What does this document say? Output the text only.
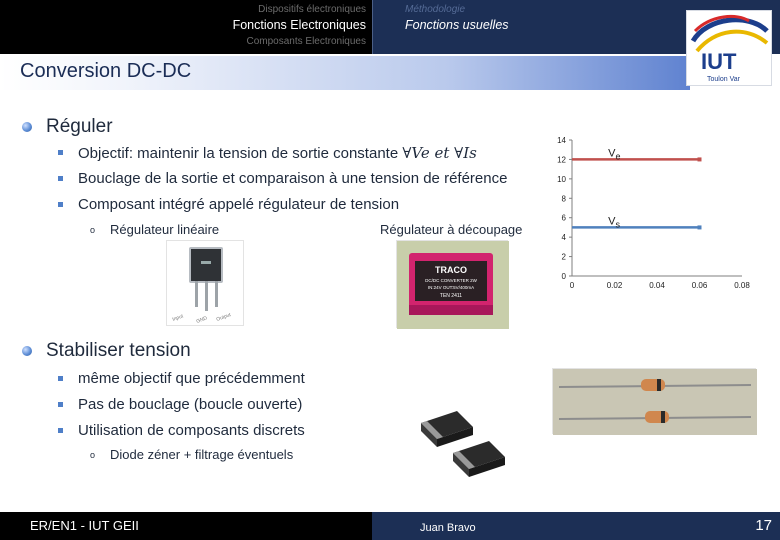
Dispositifs électroniques
Fonctions Electroniques
Composants Electroniques
Méthodologie
Fonctions usuelles
Conversion DC-DC	IUT
Toulon Var
Réguler
Objectif: maintenir la tension de sortie constante ∀Ve et ∀Is
Bouclage de la sortie et comparaison à une tension de référence
Composant intégré appelé régulateur de tension
o Régulateur linéaire	Régulateur à découpage
Input GND Output
TRACO
DC/DC CONVERTER 2W
IN:24V OUT:5V/400mA
TEN 2411
0
2
4
6
8
10
12
14
0	0.02	0.04	0.06	0.08
$V_e$
$V_s$
Stabiliser tension
même objectif que précédemment
Pas de bouclage (boucle ouverte)
Utilisation de composants discrets
o Diode zéner + filtrage éventuels
ER/EN1 - IUT GEII	Juan Bravo	17
